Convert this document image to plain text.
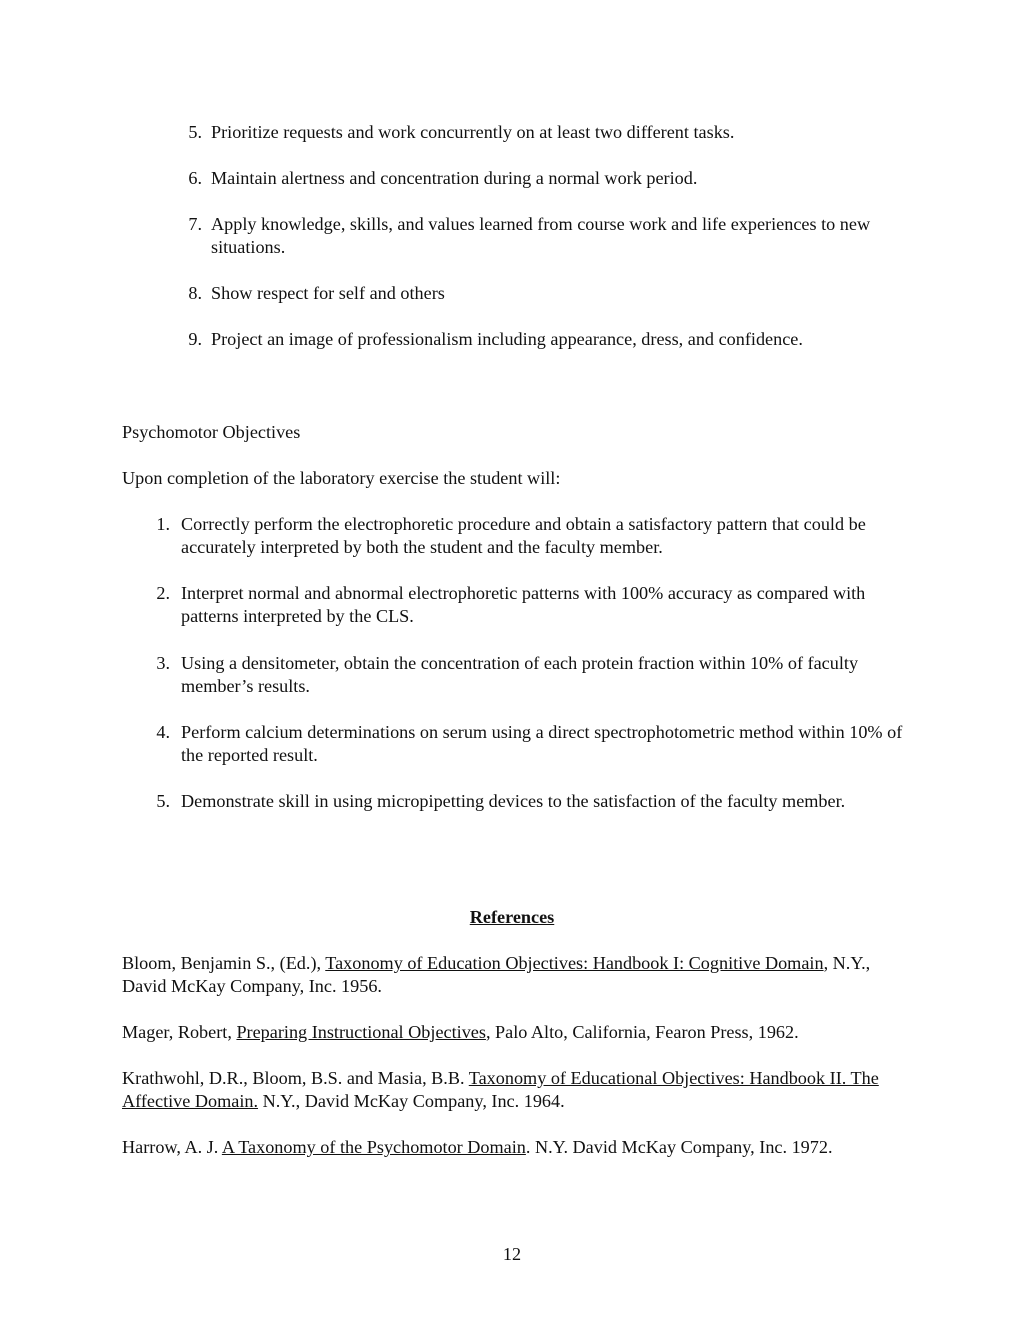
5. Prioritize requests and work concurrently on at least two different tasks.
6. Maintain alertness and concentration during a normal work period.
7. Apply knowledge, skills, and values learned from course work and life experiences to new situations.
8. Show respect for self and others
9. Project an image of professionalism including appearance, dress, and confidence.
Psychomotor Objectives
Upon completion of the laboratory exercise the student will:
1. Correctly perform the electrophoretic procedure and obtain a satisfactory pattern that could be accurately interpreted by both the student and the faculty member.
2. Interpret normal and abnormal electrophoretic patterns with 100% accuracy as compared with patterns interpreted by the CLS.
3. Using a densitometer, obtain the concentration of each protein fraction within 10% of faculty member’s results.
4. Perform calcium determinations on serum using a direct spectrophotometric method within 10% of the reported result.
5. Demonstrate skill in using micropipetting devices to the satisfaction of the faculty member.
References
Bloom, Benjamin S., (Ed.), Taxonomy of Education Objectives: Handbook I: Cognitive Domain, N.Y., David McKay Company, Inc. 1956.
Mager, Robert, Preparing Instructional Objectives, Palo Alto, California, Fearon Press, 1962.
Krathwohl, D.R., Bloom, B.S. and Masia, B.B. Taxonomy of Educational Objectives: Handbook II. The Affective Domain. N.Y., David McKay Company, Inc. 1964.
Harrow, A. J. A Taxonomy of the Psychomotor Domain. N.Y. David McKay Company, Inc. 1972.
12
